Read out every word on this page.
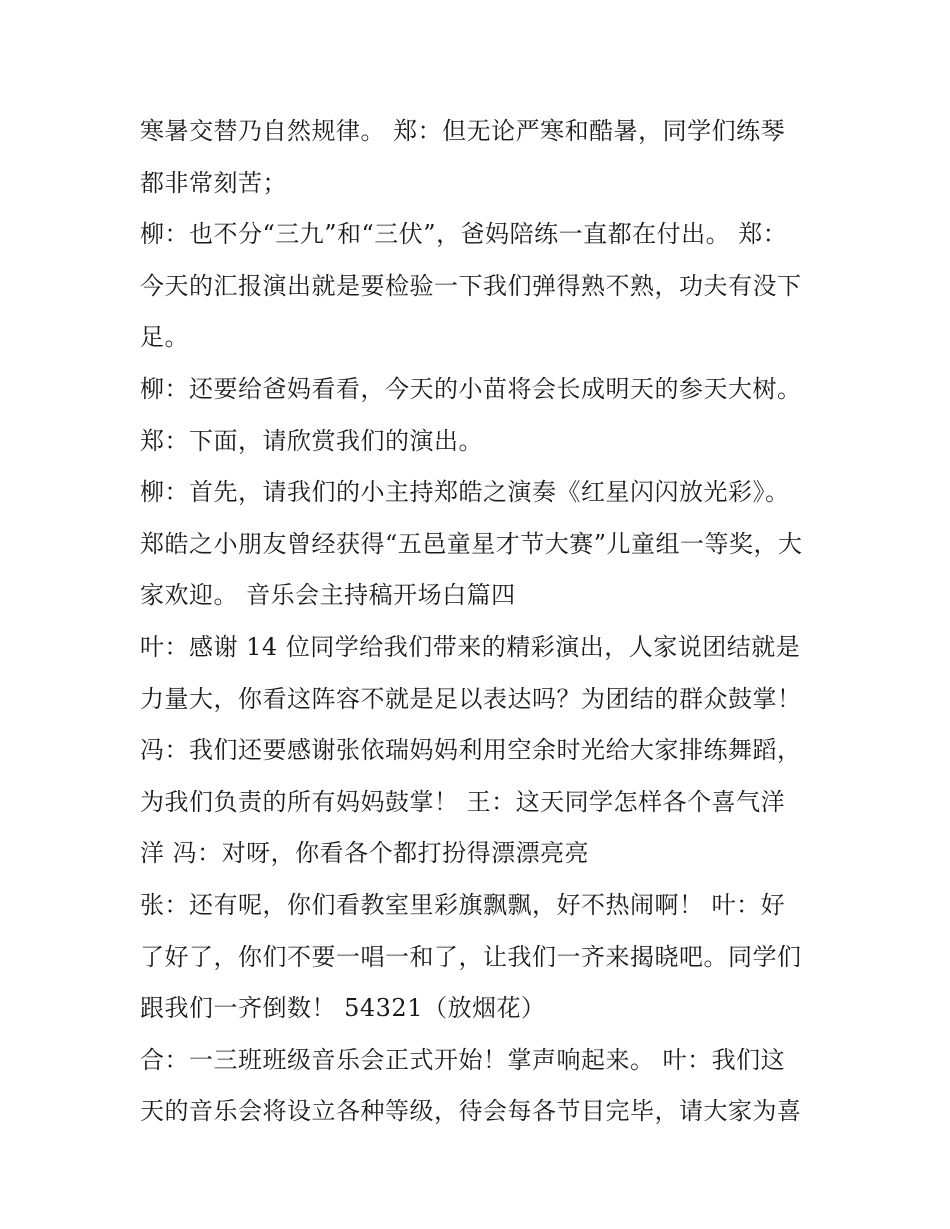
寒暑交替乃自然规律。 郑：但无论严寒和酷暑，同学们练琴
都非常刻苦；
柳：也不分“三九”和“三伏”，爸妈陪练一直都在付出。 郑：
今天的汇报演出就是要检验一下我们弹得熟不熟，功夫有没下
足。
柳：还要给爸妈看看，今天的小苗将会长成明天的参天大树。
郑：下面，请欣赏我们的演出。
柳：首先，请我们的小主持郑皓之演奏《红星闪闪放光彩》。
郑皓之小朋友曾经获得“五邑童星才节大赛”儿童组一等奖，大
家欢迎。 音乐会主持稿开场白篇四
叶：感谢 14 位同学给我们带来的精彩演出，人家说团结就是
力量大，你看这阵容不就是足以表达吗？为团结的群众鼓掌！
冯：我们还要感谢张依瑞妈妈利用空余时光给大家排练舞蹈，
为我们负责的所有妈妈鼓掌！ 王：这天同学怎样各个喜气洋
洋 冯：对呀，你看各个都打扮得漂漂亮亮
张：还有呢，你们看教室里彩旗飘飘，好不热闹啊！ 叶：好
了好了，你们不要一唱一和了，让我们一齐来揭晓吧。同学们
跟我们一齐倒数！ 54321（放烟花）
合：一三班班级音乐会正式开始！掌声响起来。 叶：我们这
天的音乐会将设立各种等级，待会每各节目完毕，请大家为喜
